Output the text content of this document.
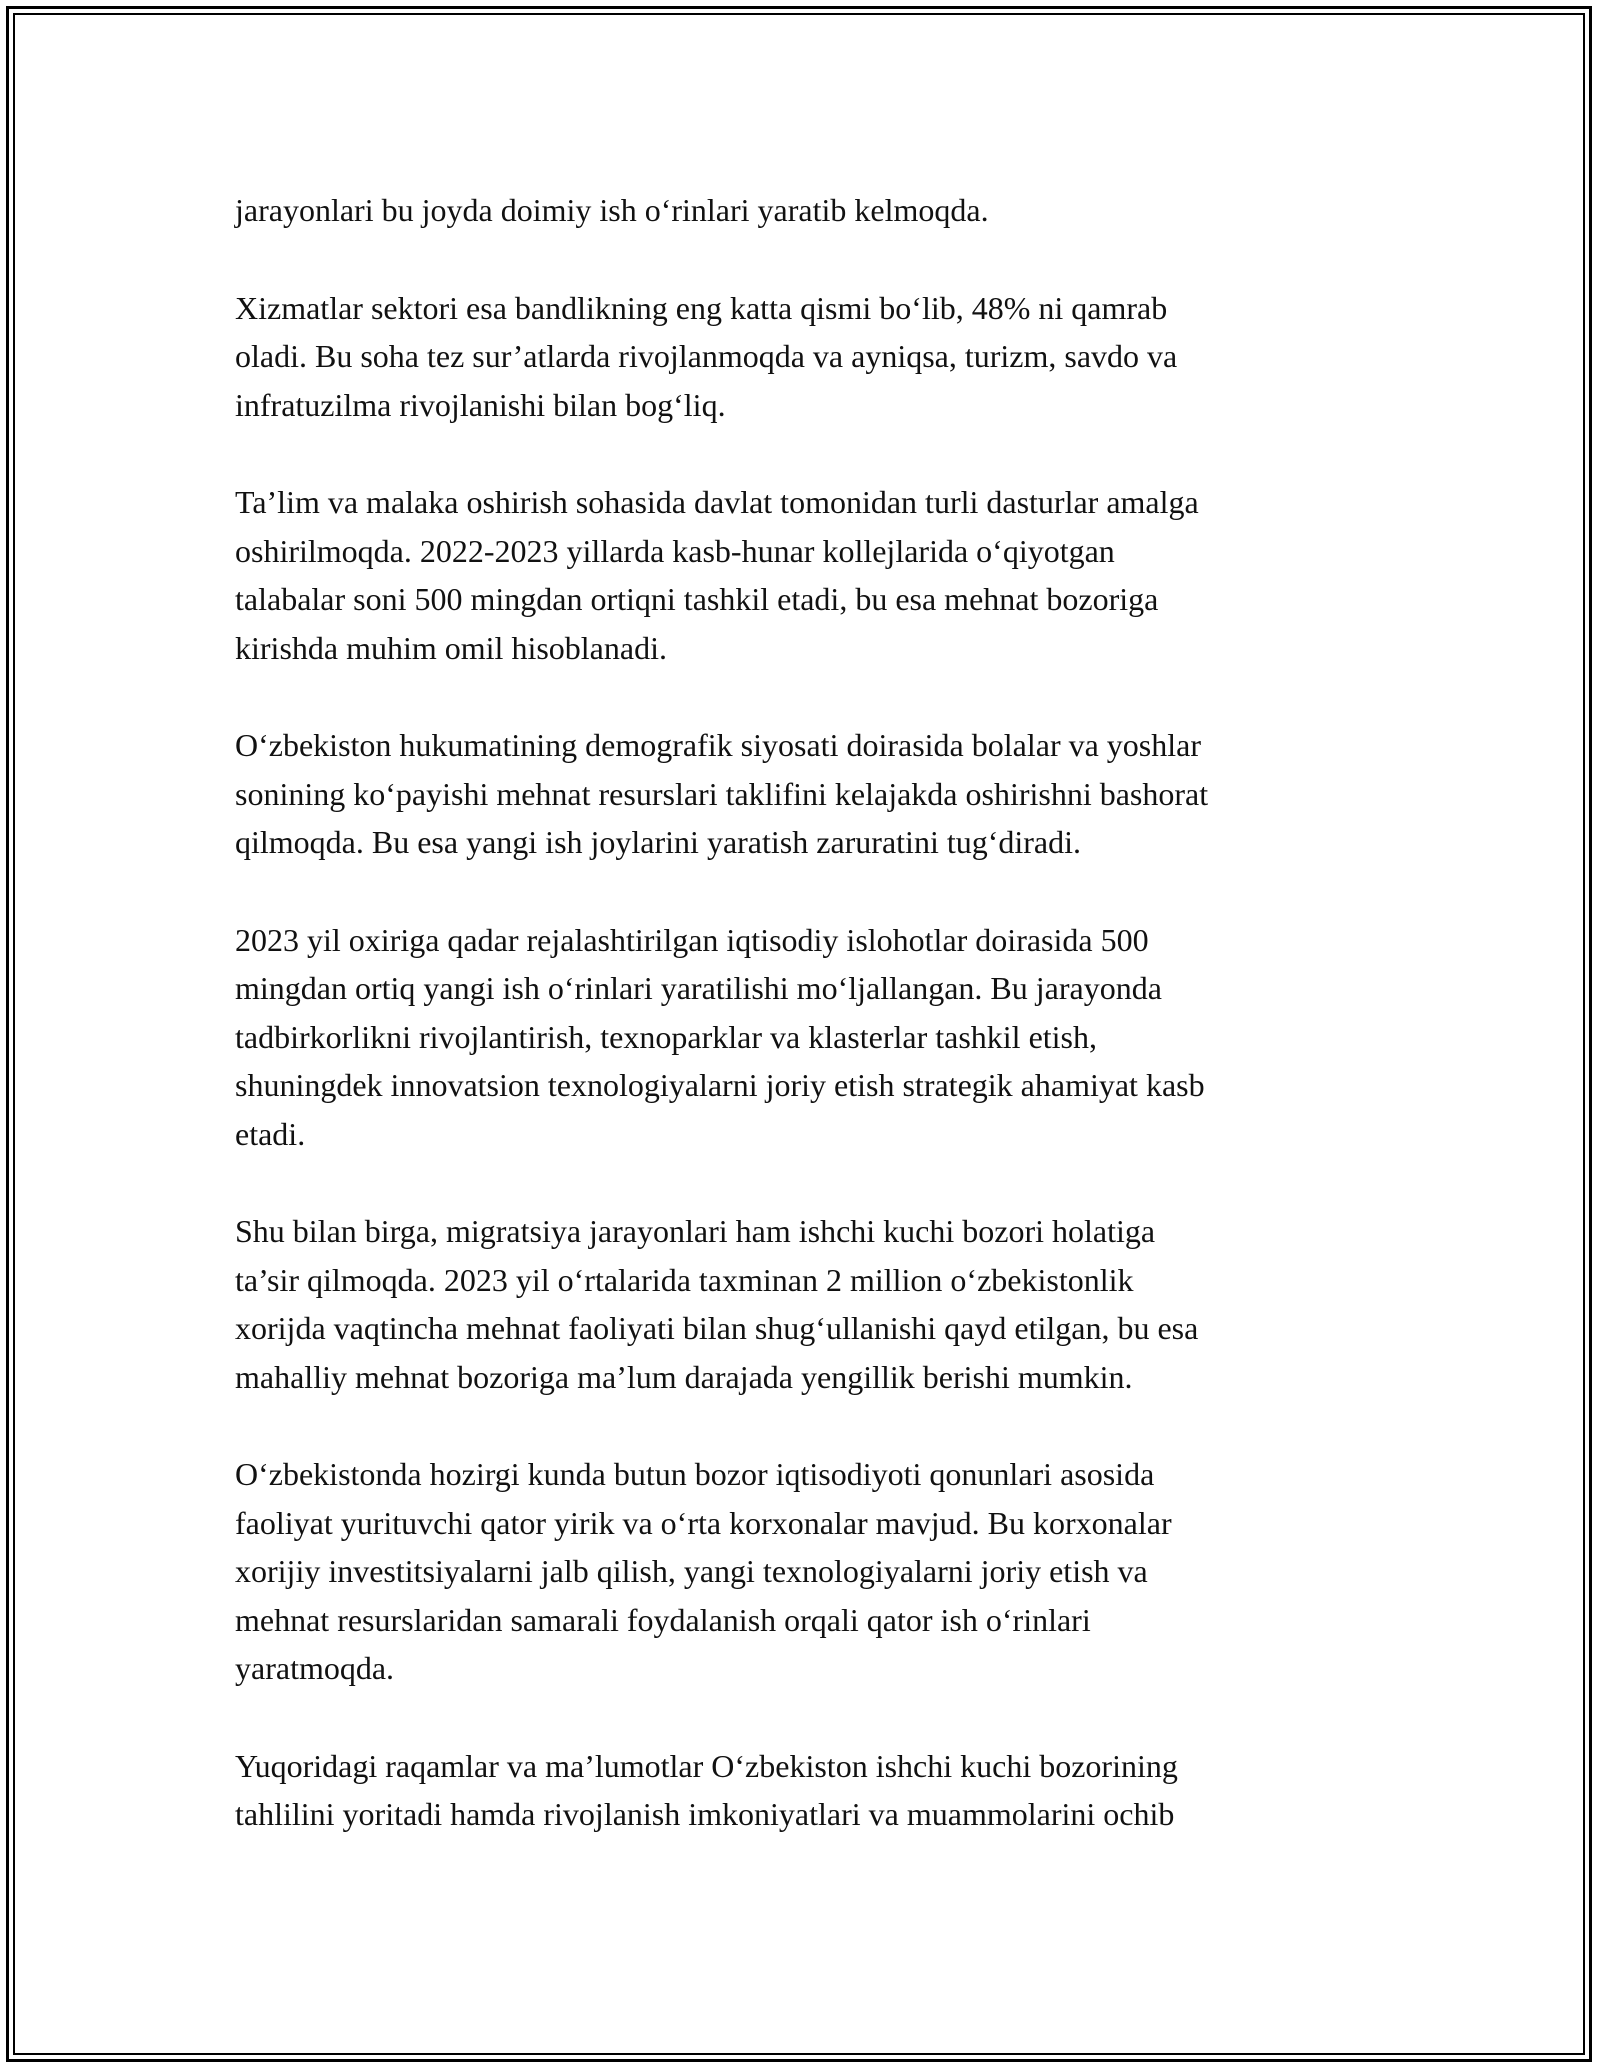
jarayonlari bu joyda doimiy ish o‘rinlari yaratib kelmoqda.

Xizmatlar sektori esa bandlikning eng katta qismi bo‘lib, 48% ni qamrab
oladi. Bu soha tez sur’atlarda rivojlanmoqda va ayniqsa, turizm, savdo va
infratuzilma rivojlanishi bilan bog‘liq.

Ta’lim va malaka oshirish sohasida davlat tomonidan turli dasturlar amalga
oshirilmoqda. 2022-2023 yillarda kasb-hunar kollejlarida o‘qiyotgan
talabalar soni 500 mingdan ortiqni tashkil etadi, bu esa mehnat bozoriga
kirishda muhim omil hisoblanadi.

O‘zbekiston hukumatining demografik siyosati doirasida bolalar va yoshlar
sonining ko‘payishi mehnat resurslari taklifini kelajakda oshirishni bashorat
qilmoqda. Bu esa yangi ish joylarini yaratish zaruratini tug‘diradi.

2023 yil oxiriga qadar rejalashtirilgan iqtisodiy islohotlar doirasida 500
mingdan ortiq yangi ish o‘rinlari yaratilishi mo‘ljallangan. Bu jarayonda
tadbirkorlikni rivojlantirish, texnoparklar va klasterlar tashkil etish,
shuningdek innovatsion texnologiyalarni joriy etish strategik ahamiyat kasb
etadi.

Shu bilan birga, migratsiya jarayonlari ham ishchi kuchi bozori holatiga
ta’sir qilmoqda. 2023 yil o‘rtalarida taxminan 2 million o‘zbekistonlik
xorijda vaqtincha mehnat faoliyati bilan shug‘ullanishi qayd etilgan, bu esa
mahalliy mehnat bozoriga ma’lum darajada yengillik berishi mumkin.

O‘zbekistonda hozirgi kunda butun bozor iqtisodiyoti qonunlari asosida
faoliyat yurituvchi qator yirik va o‘rta korxonalar mavjud. Bu korxonalar
xorijiy investitsiyalarni jalb qilish, yangi texnologiyalarni joriy etish va
mehnat resurslaridan samarali foydalanish orqali qator ish o‘rinlari
yaratmoqda.

Yuqoridagi raqamlar va ma’lumotlar O‘zbekiston ishchi kuchi bozorining
tahlilini yoritadi hamda rivojlanish imkoniyatlari va muammolarini ochib
